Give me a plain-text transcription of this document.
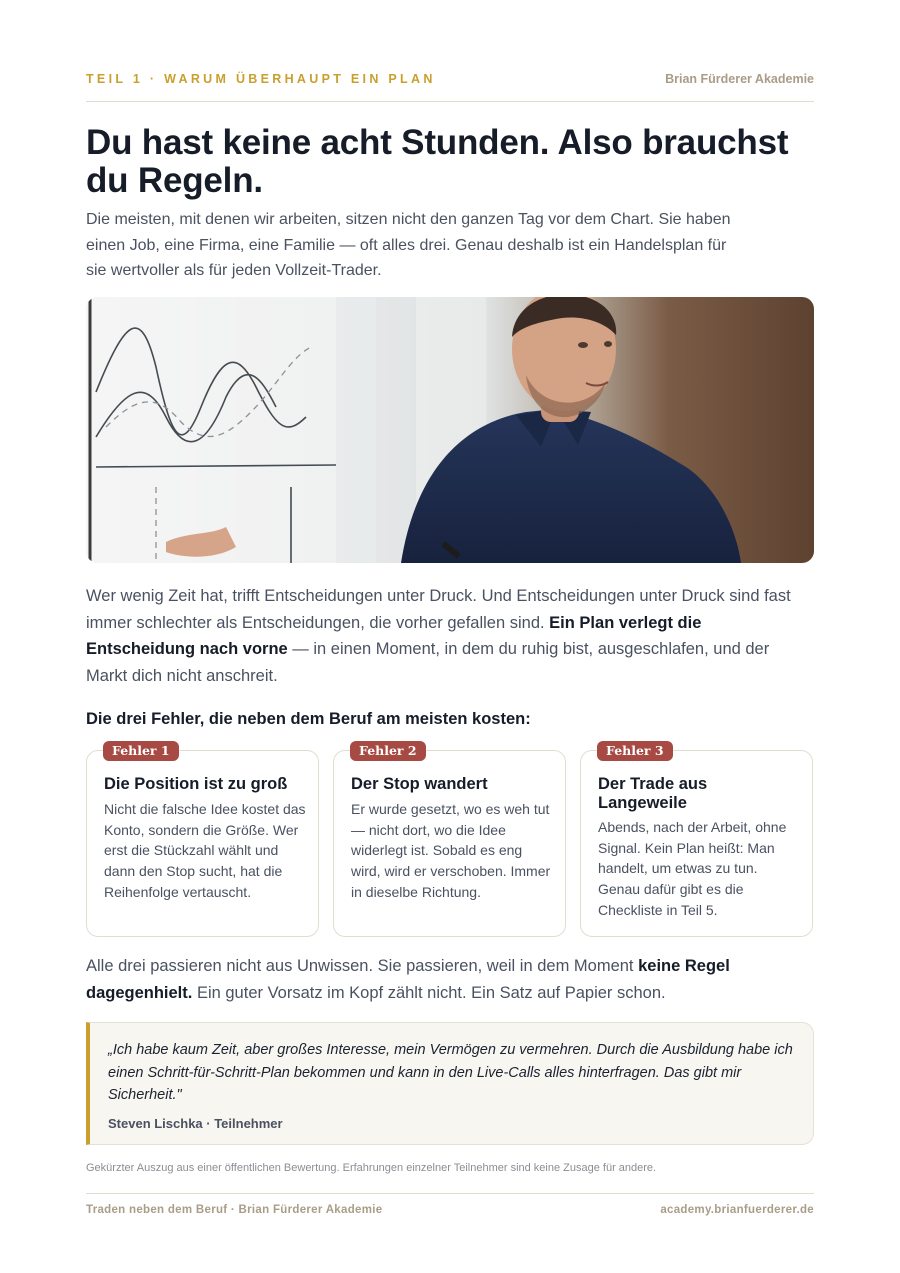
TEIL 1 · WARUM ÜBERHAUPT EIN PLAN	Brian Fürderer Akademie
Du hast keine acht Stunden. Also brauchst du Regeln.

Die meisten, mit denen wir arbeiten, sitzen nicht den ganzen Tag vor dem Chart. Sie haben einen Job, eine Firma, eine Familie — oft alles drei. Genau deshalb ist ein Handelsplan für sie wertvoller als für jeden Vollzeit-Trader.

Wer wenig Zeit hat, trifft Entscheidungen unter Druck. Und Entscheidungen unter Druck sind fast immer schlechter als Entscheidungen, die vorher gefallen sind. Ein Plan verlegt die Entscheidung nach vorne — in einen Moment, in dem du ruhig bist, ausgeschlafen, und der Markt dich nicht anschreit.

Die drei Fehler, die neben dem Beruf am meisten kosten:
Fehler 1
Die Position ist zu groß

Nicht die falsche Idee kostet das Konto, sondern die Größe. Wer erst die Stückzahl wählt und dann den Stop sucht, hat die Reihenfolge vertauscht.

Fehler 2
Der Stop wandert

Er wurde gesetzt, wo es weh tut — nicht dort, wo die Idee widerlegt ist. Sobald es eng wird, wird er verschoben. Immer in dieselbe Richtung.

Fehler 3
Der Trade aus Langeweile

Abends, nach der Arbeit, ohne Signal. Kein Plan heißt: Man handelt, um etwas zu tun. Genau dafür gibt es die Checkliste in Teil 5.

Alle drei passieren nicht aus Unwissen. Sie passieren, weil in dem Moment keine Regel dagegenhielt. Ein guter Vorsatz im Kopf zählt nicht. Ein Satz auf Papier schon.

„Ich habe kaum Zeit, aber großes Interesse, mein Vermögen zu vermehren. Durch die Ausbildung habe ich einen Schritt-für-Schritt-Plan bekommen und kann in den Live-Calls alles hinterfragen. Das gibt mir Sicherheit."

Steven Lischka · Teilnehmer

Gekürzter Auszug aus einer öffentlichen Bewertung. Erfahrungen einzelner Teilnehmer sind keine Zusage für andere.

Traden neben dem Beruf · Brian Fürderer Akademie	academy.brianfuerderer.de
